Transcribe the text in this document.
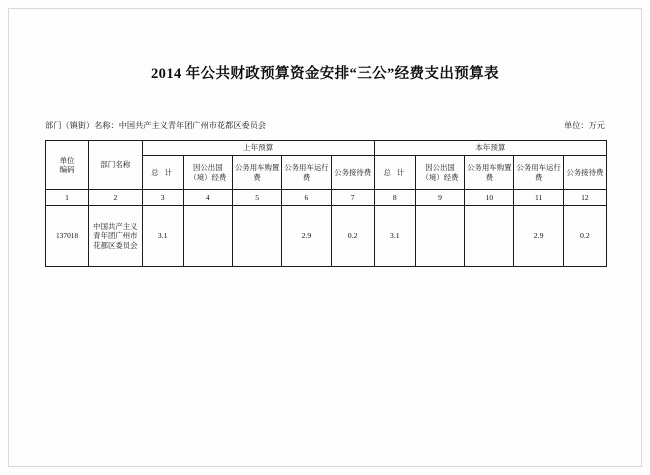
2014 年公共财政预算资金安排“三公”经费支出预算表
部门（镇街）名称：中国共产主义青年团广州市花都区委员会	单位：万元
单位
编码	部门名称	上年预算					本年预算				
		总 计	因公出国（境）经费	公务用车购置费	公务用车运行费	公务接待费	总 计	因公出国（境）经费	公务用车购置费	公务用车运行费	公务接待费
1	2	3	4	5	6	7	8	9	10	11	12
137018	中国共产主义青年团广州市花都区委员会	3.1			2.9	0.2	3.1			2.9	0.2
